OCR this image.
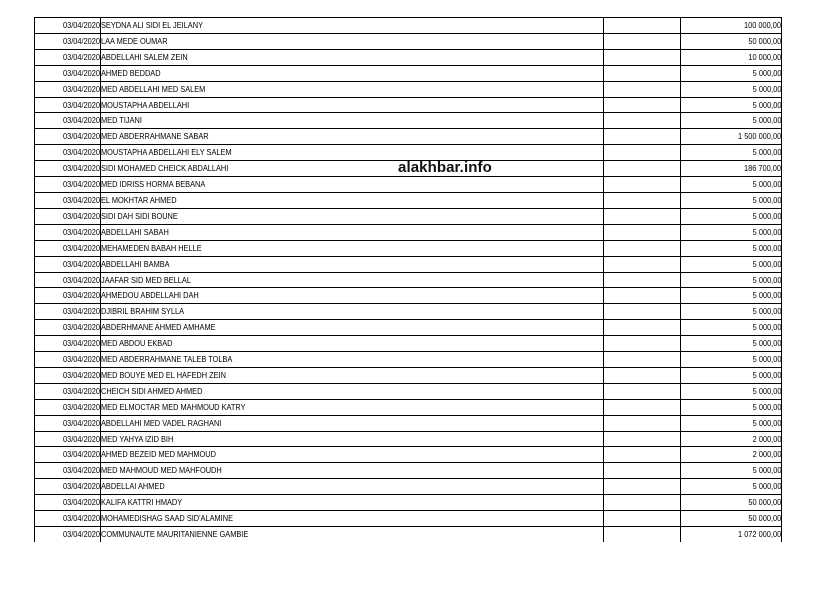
03/04/2020	SEYDNA ALI SIDI EL JEILANY		100 000,00
03/04/2020	LAA MEDE OUMAR		50 000,00
03/04/2020	ABDELLAHI SALEM ZEIN		10 000,00
03/04/2020	AHMED BEDDAD		5 000,00
03/04/2020	MED ABDELLAHI MED SALEM		5 000,00
03/04/2020	MOUSTAPHA ABDELLAHI		5 000,00
03/04/2020	MED TIJANI		5 000,00
03/04/2020	MED ABDERRAHMANE SABAR		1 500 000,00
03/04/2020	MOUSTAPHA ABDELLAHI ELY SALEM		5 000,00
03/04/2020	SIDI MOHAMED CHEICK ABDALLAHI		186 700,00
03/04/2020	MED IDRISS HORMA BEBANA		5 000,00
03/04/2020	EL MOKHTAR AHMED		5 000,00
03/04/2020	SIDI DAH SIDI BOUNE		5 000,00
03/04/2020	ABDELLAHI SABAH		5 000,00
03/04/2020	MEHAMEDEN BABAH HELLE		5 000,00
03/04/2020	ABDELLAHI BAMBA		5 000,00
03/04/2020	JAAFAR SID MED BELLAL		5 000,00
03/04/2020	AHMEDOU ABDELLAHI DAH		5 000,00
03/04/2020	DJIBRIL BRAHIM SYLLA		5 000,00
03/04/2020	ABDERHMANE AHMED AMHAME		5 000,00
03/04/2020	MED ABDOU EKBAD		5 000,00
03/04/2020	MED ABDERRAHMANE TALEB TOLBA		5 000,00
03/04/2020	MED BOUYE MED EL HAFEDH ZEIN		5 000,00
03/04/2020	CHEICH SIDI AHMED AHMED		5 000,00
03/04/2020	MED ELMOCTAR MED MAHMOUD KATRY		5 000,00
03/04/2020	ABDELLAHI MED VADEL RAGHANI		5 000,00
03/04/2020	MED YAHYA IZID BIH		2 000,00
03/04/2020	AHMED BEZEID MED MAHMOUD		2 000,00
03/04/2020	MED MAHMOUD MED MAHFOUDH		5 000,00
03/04/2020	ABDELLAI AHMED		5 000,00
03/04/2020	KALIFA KATTRI HMADY		50 000,00
03/04/2020	MOHAMEDISHAG SAAD SID'ALAMINE		50 000,00
03/04/2020	COMMUNAUTE MAURITANIENNE GAMBIE		1 072 000,00
alakhbar.info
